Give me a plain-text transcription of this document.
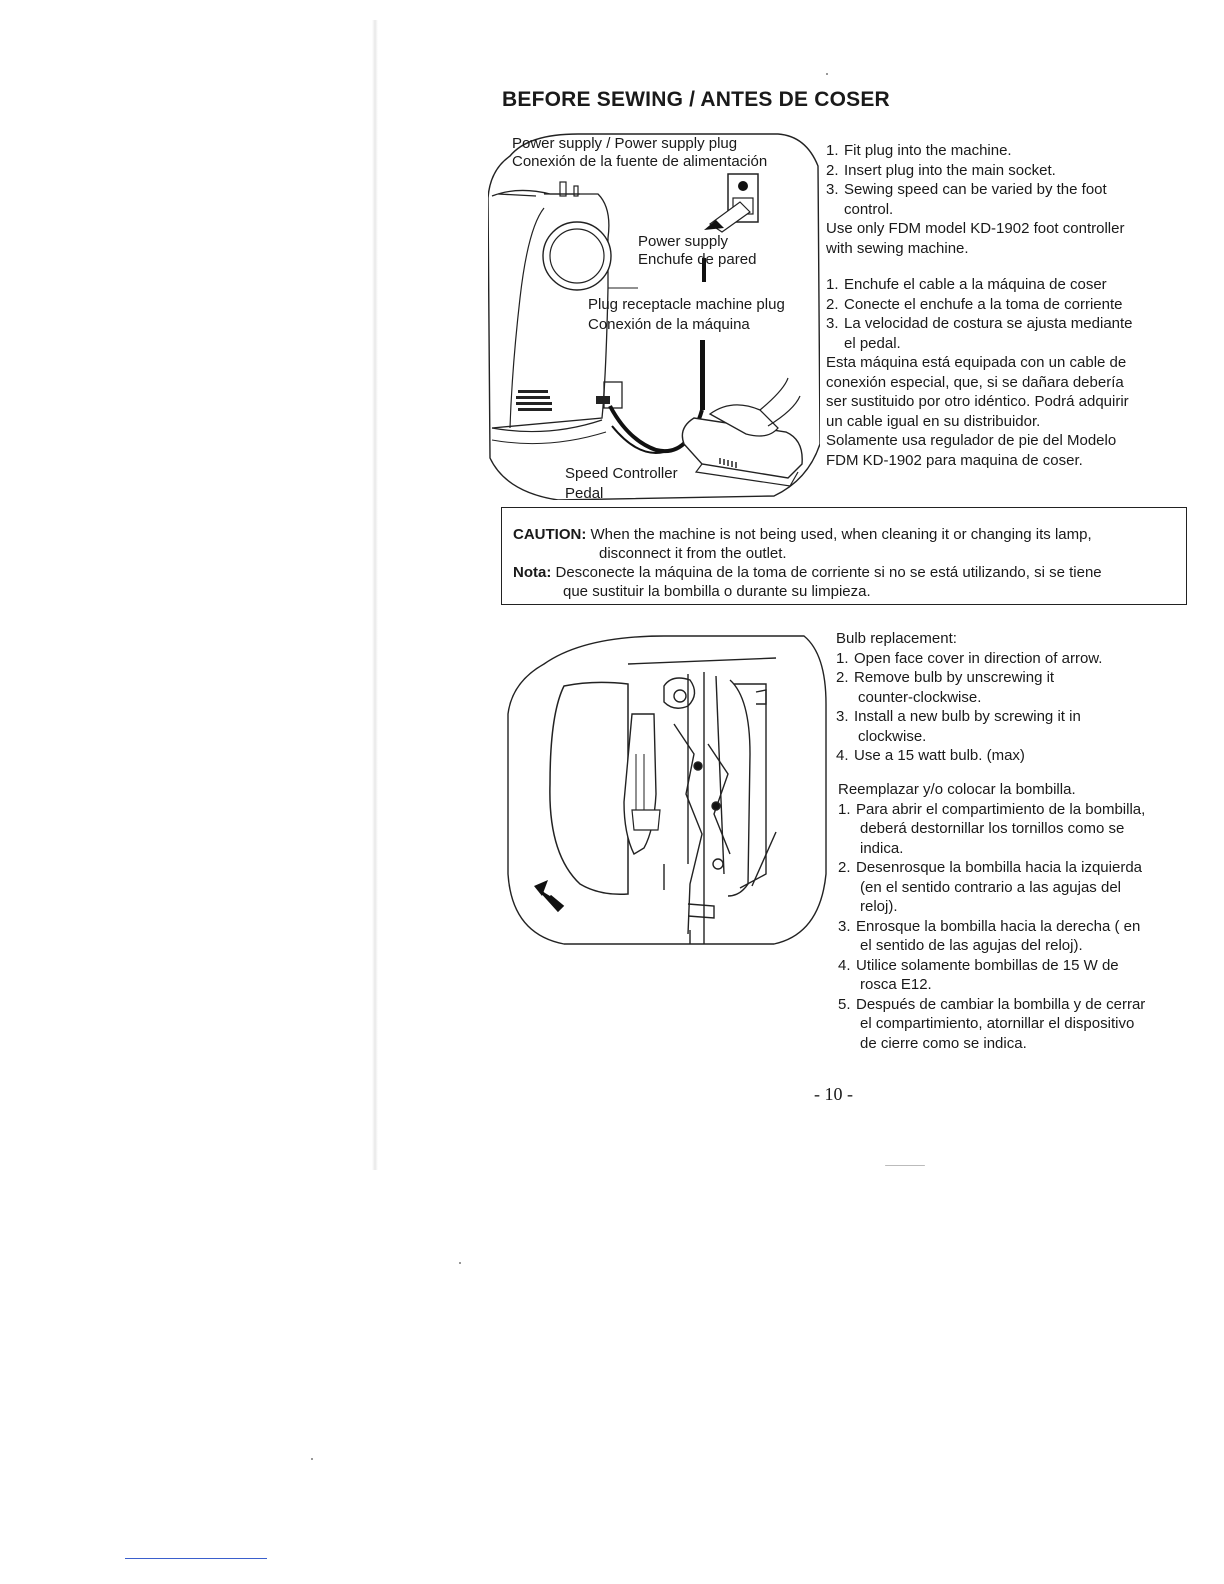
BEFORE SEWING / ANTES DE COSER
Power supply / Power supply plug
Conexión de la fuente de alimentación
Power supply
Enchufe de pared
Plug receptacle machine plug
Conexión de la máquina
Speed Controller
Pedal
1. Fit plug into the machine.
2. Insert plug into the main socket.
3. Sewing speed can be varied by the foot
control.

Use only FDM model KD-1902 foot controller

with sewing machine.

1. Enchufe el cable a la máquina de coser
2. Conecte el enchufe a la toma de corriente
3. La velocidad de costura se ajusta mediante
el pedal.

Esta máquina está equipada con un cable de

conexión especial, que, si se dañara debería

ser sustituido por otro idéntico. Podrá adquirir

un cable igual en su distribuidor.

Solamente usa regulador de pie del Modelo

FDM KD-1902 para maquina de coser.

CAUTION: When the machine is not being used, when cleaning it or changing its lamp,
disconnect it from the outlet.
Nota: Desconecte la máquina de la toma de corriente si no se está utilizando, si se tiene
que sustituir la bombilla o durante su limpieza.

Bulb replacement:

1. Open face cover in direction of arrow.
2. Remove bulb by unscrewing it
counter-clockwise.
3. Install a new bulb by screwing it in
clockwise.
4. Use a 15 watt bulb. (max)

Reemplazar y/o colocar la bombilla.

1. Para abrir el compartimiento de la bombilla,
deberá destornillar los tornillos como se
indica.
2. Desenrosque la bombilla hacia la izquierda
(en el sentido contrario a las agujas del
reloj).
3. Enrosque la bombilla hacia la derecha ( en
el sentido de las agujas del reloj).
4. Utilice solamente bombillas de 15 W de
rosca E12.
5. Después de cambiar la bombilla y de cerrar
el compartimiento, atornillar el dispositivo
de cierre como se indica.
- 10 -
